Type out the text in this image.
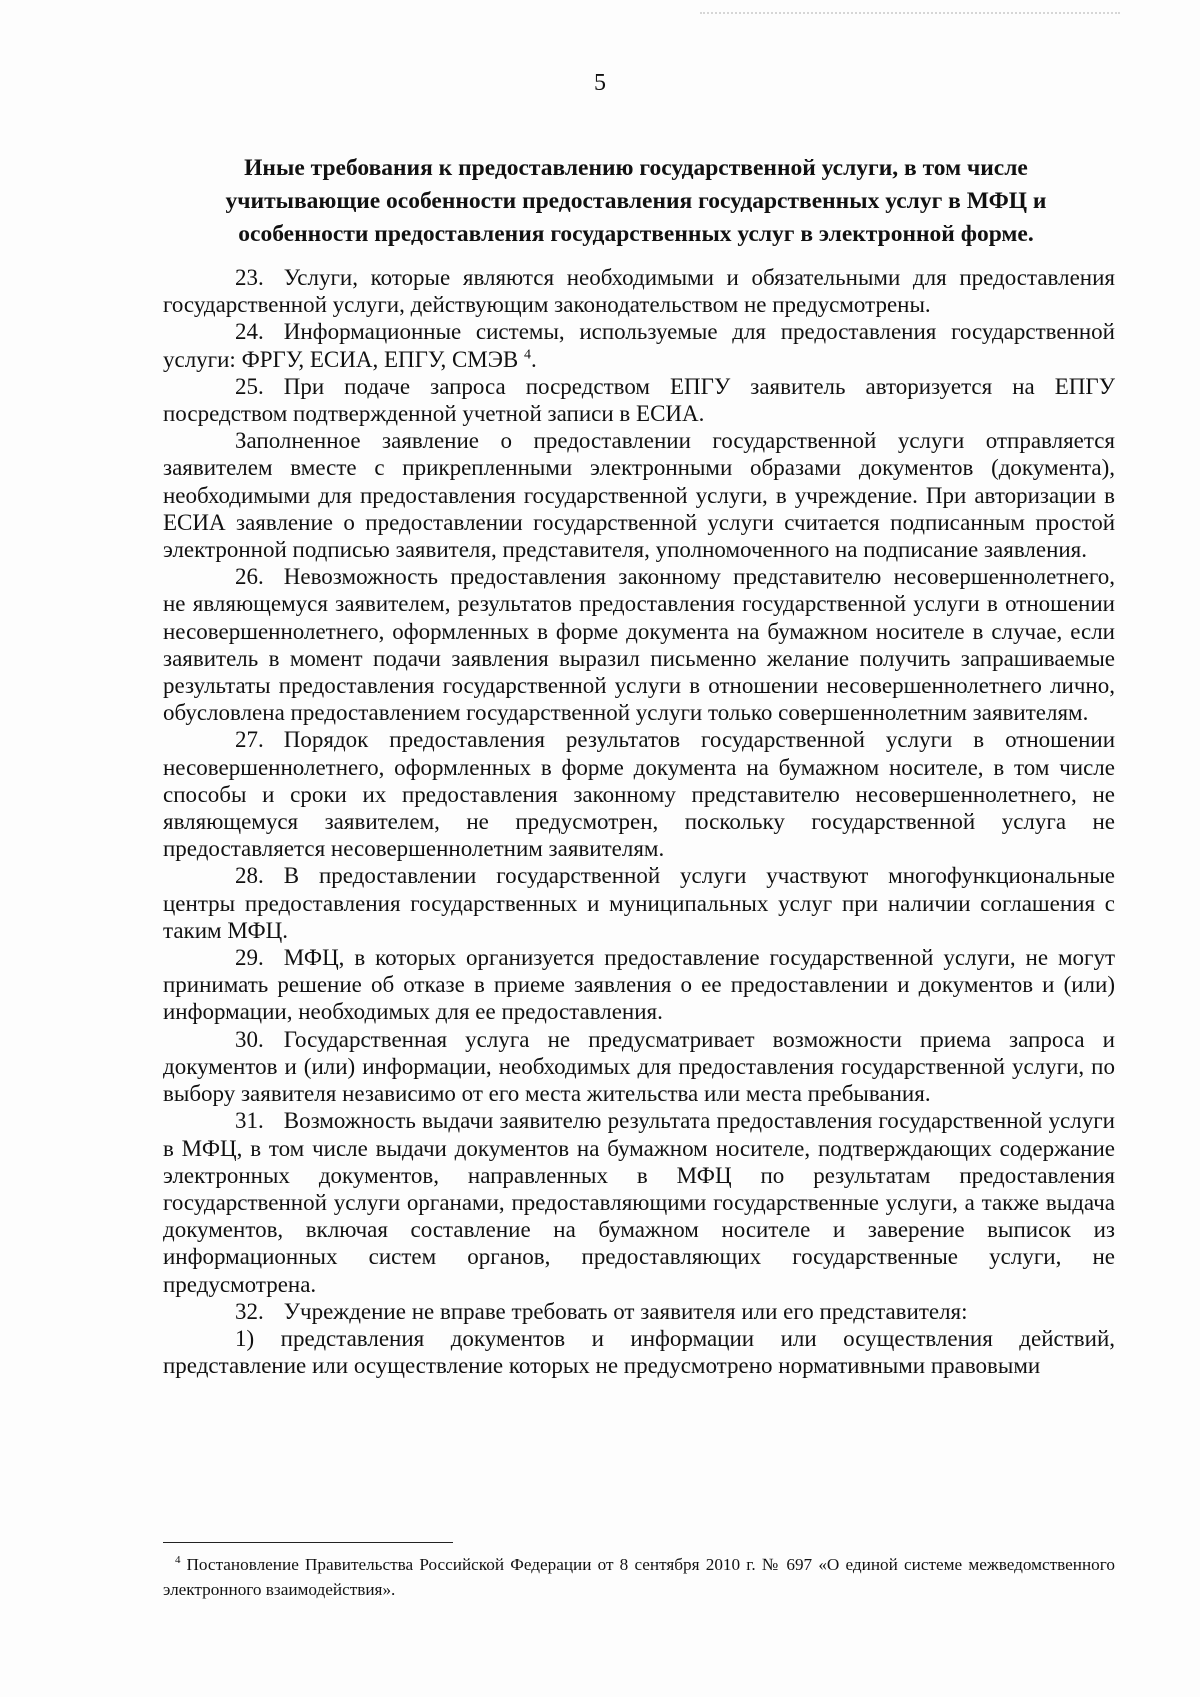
5
Иные требования к предоставлению государственной услуги, в том числе учитывающие особенности предоставления государственных услуг в МФЦ и особенности предоставления государственных услуг в электронной форме.

23. Услуги, которые являются необходимыми и обязательными для предоставления государственной услуги, действующим законодательством не предусмотрены.

24. Информационные системы, используемые для предоставления государственной услуги: ФРГУ, ЕСИА, ЕПГУ, СМЭВ $^4$.

25. При подаче запроса посредством ЕПГУ заявитель авторизуется на ЕПГУ посредством подтвержденной учетной записи в ЕСИА.

Заполненное заявление о предоставлении государственной услуги отправляется заявителем вместе с прикрепленными электронными образами документов (документа), необходимыми для предоставления государственной услуги, в учреждение. При авторизации в ЕСИА заявление о предоставлении государственной услуги считается подписанным простой электронной подписью заявителя, представителя, уполномоченного на подписание заявления.

26. Невозможность предоставления законному представителю несовершеннолетнего, не являющемуся заявителем, результатов предоставления государственной услуги в отношении несовершеннолетнего, оформленных в форме документа на бумажном носителе в случае, если заявитель в момент подачи заявления выразил письменно желание получить запрашиваемые результаты предоставления государственной услуги в отношении несовершеннолетнего лично, обусловлена предоставлением государственной услуги только совершеннолетним заявителям.

27. Порядок предоставления результатов государственной услуги в отношении несовершеннолетнего, оформленных в форме документа на бумажном носителе, в том числе способы и сроки их предоставления законному представителю несовершеннолетнего, не являющемуся заявителем, не предусмотрен, поскольку государственной услуга не предоставляется несовершеннолетним заявителям.

28. В предоставлении государственной услуги участвуют многофункциональные центры предоставления государственных и муниципальных услуг при наличии соглашения с таким МФЦ.

29. МФЦ, в которых организуется предоставление государственной услуги, не могут принимать решение об отказе в приеме заявления о ее предоставлении и документов и (или) информации, необходимых для ее предоставления.

30. Государственная услуга не предусматривает возможности приема запроса и документов и (или) информации, необходимых для предоставления государственной услуги, по выбору заявителя независимо от его места жительства или места пребывания.

31. Возможность выдачи заявителю результата предоставления государственной услуги в МФЦ, в том числе выдачи документов на бумажном носителе, подтверждающих содержание электронных документов, направленных в МФЦ по результатам предоставления государственной услуги органами, предоставляющими государственные услуги, а также выдача документов, включая составление на бумажном носителе и заверение выписок из информационных систем органов, предоставляющих государственные услуги, не предусмотрена.

32. Учреждение не вправе требовать от заявителя или его представителя:

1) представления документов и информации или осуществления действий, представление или осуществление которых не предусмотрено нормативными правовыми

$^4$ Постановление Правительства Российской Федерации от 8 сентября 2010 г. № 697 «О единой системе межведомственного электронного взаимодействия».
